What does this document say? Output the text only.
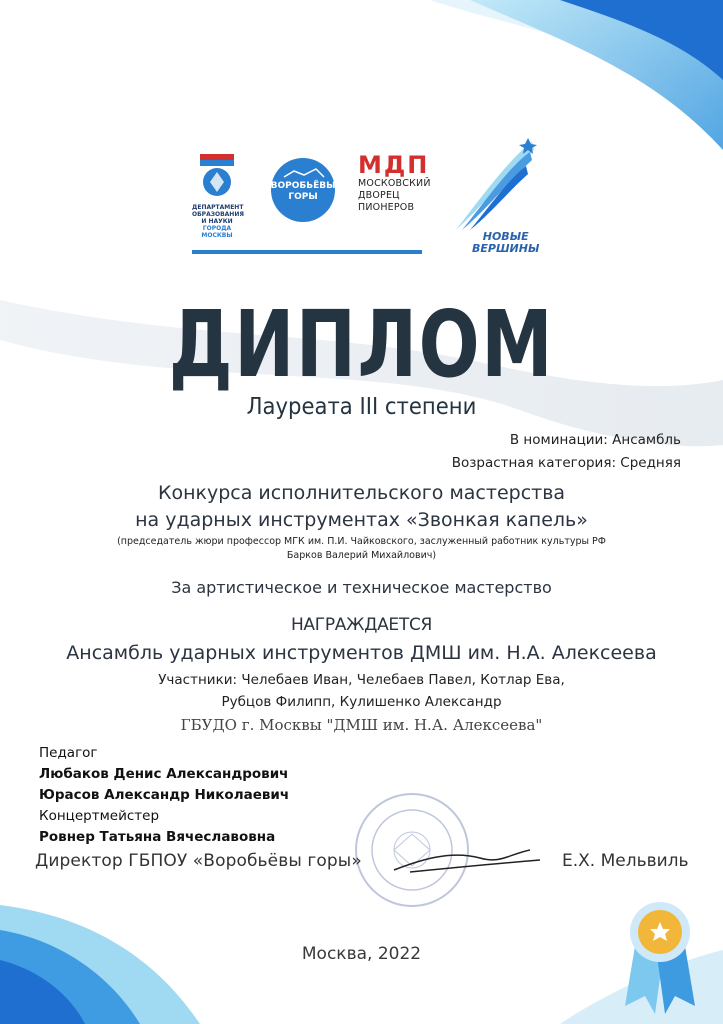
ДЕПАРТАМЕНТ
ОБРАЗОВАНИЯ
И НАУКИ
ГОРОДА МОСКВЫ
ВОРОБЬЁВЫ
ГОРЫ
МДП
МОСКОВСКИЙ
ДВОРЕЦ
ПИОНЕРОВ
НОВЫЕ
ВЕРШИНЫ
ДИПЛОМ
Лауреата III степени
В номинации: Ансамбль
Возрастная категория: Средняя
Конкурса исполнительского мастерства
на ударных инструментах «Звонкая капель»
(председатель жюри профессор МГК им. П.И. Чайковского, заслуженный работник культуры РФ
Барков Валерий Михайлович)
За артистическое и техническое мастерство
НАГРАЖДАЕТСЯ
Ансамбль ударных инструментов ДМШ им. Н.А. Алексеева
Участники: Челебаев Иван, Челебаев Павел, Котлар Ева,
Рубцов Филипп, Кулишенко Александр
ГБУДО г. Москвы "ДМШ им. Н.А. Алексеева"
Педагог
Любаков Денис Александрович
Юрасов Александр Николаевич
Концертмейстер
Ровнер Татьяна Вячеславовна
Директор ГБПОУ «Воробьёвы горы»	Е.Х. Мельвиль
Москва, 2022
